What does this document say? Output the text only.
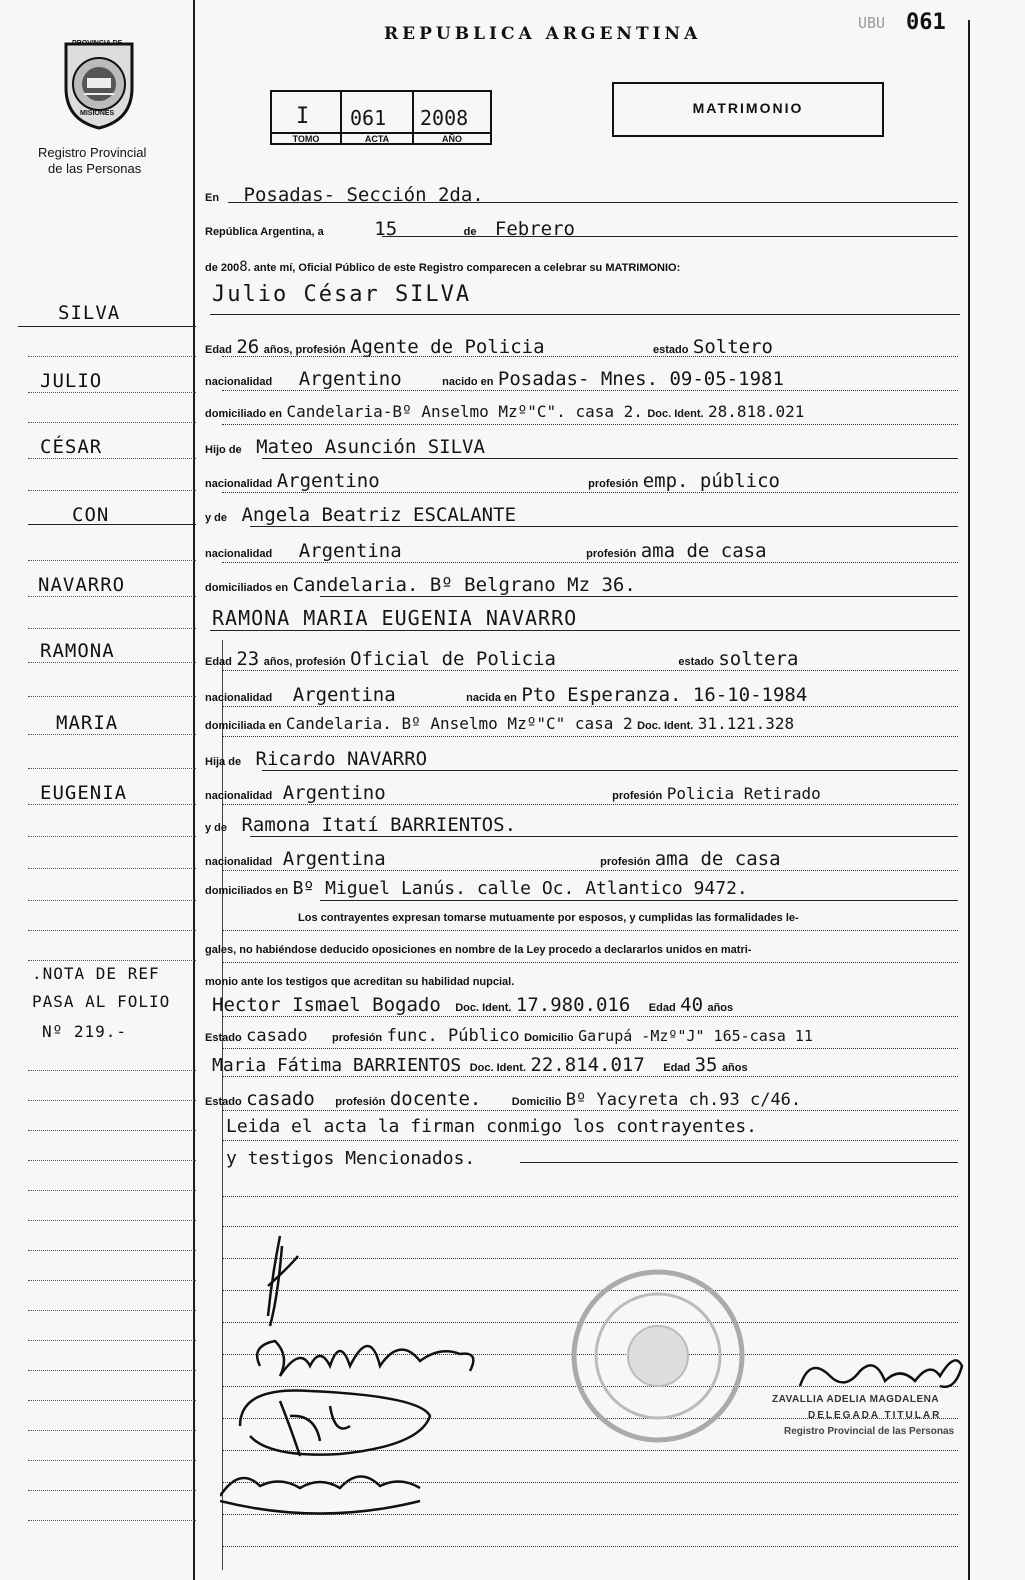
REPUBLICA ARGENTINA
UBU 061
PROVINCIA DE
MISIONES
Registro Provincial
de las Personas
I 061 2008
TOMO	ACTA	AÑO
MATRIMONIO
SILVA
JULIO
CÉSAR
CON
NAVARRO
RAMONA
MARIA
EUGENIA
.NOTA DE REF
PASA AL FOLIO
Nº 219.-
En Posadas- Sección 2da.
República Argentina, a	15	de Febrero
de 2008. ante mí, Oficial Público de este Registro comparecen a celebrar su MATRIMONIO:
Julio César SILVA
Edad 26 años, profesión Agente de Policia	estado Soltero
nacionalidad Argentino	nacido en Posadas- Mnes. 09-05-1981
domiciliado en Candelaria-Bº Anselmo Mzº"C". casa 2. Doc. Ident. 28.818.021
Hijo de Mateo Asunción SILVA
nacionalidad Argentino	profesión emp. público
y de Angela Beatriz ESCALANTE
nacionalidad Argentina	profesión ama de casa
domiciliados en Candelaria. Bº Belgrano Mz 36.
RAMONA MARIA EUGENIA NAVARRO
Edad 23 años, profesión Oficial de Policia	estado soltera
nacionalidad Argentina	nacida en Pto Esperanza. 16-10-1984
domiciliada en Candelaria. Bº Anselmo Mzº"C" casa 2 Doc. Ident. 31.121.328
Hija de Ricardo NAVARRO
nacionalidad Argentino	profesión Policia Retirado
y de Ramona Itatí BARRIENTOS.
nacionalidad Argentina	profesión ama de casa
domiciliados en Bº Miguel Lanús. calle Oc. Atlantico 9472.
Los contrayentes expresan tomarse mutuamente por esposos, y cumplidas las formalidades le-
gales, no habiéndose deducido oposiciones en nombre de la Ley procedo a declararlos unidos en matri-
monio ante los testigos que acreditan su habilidad nupcial.
Hector Ismael Bogado Doc. Ident. 17.980.016 Edad 40 años
Estado casado profesión func. Público Domicilio Garupá -Mzº"J" 165-casa 11
Maria Fátima BARRIENTOS Doc. Ident. 22.814.017 Edad 35 años
Estado casado profesión docente.	Domicilio Bº Yacyreta ch.93 c/46.
Leida el acta la firman conmigo los contrayentes.
y testigos Mencionados.
ZAVALLIA ADELIA MAGDALENA
DELEGADA TITULAR
Registro Provincial de las Personas
